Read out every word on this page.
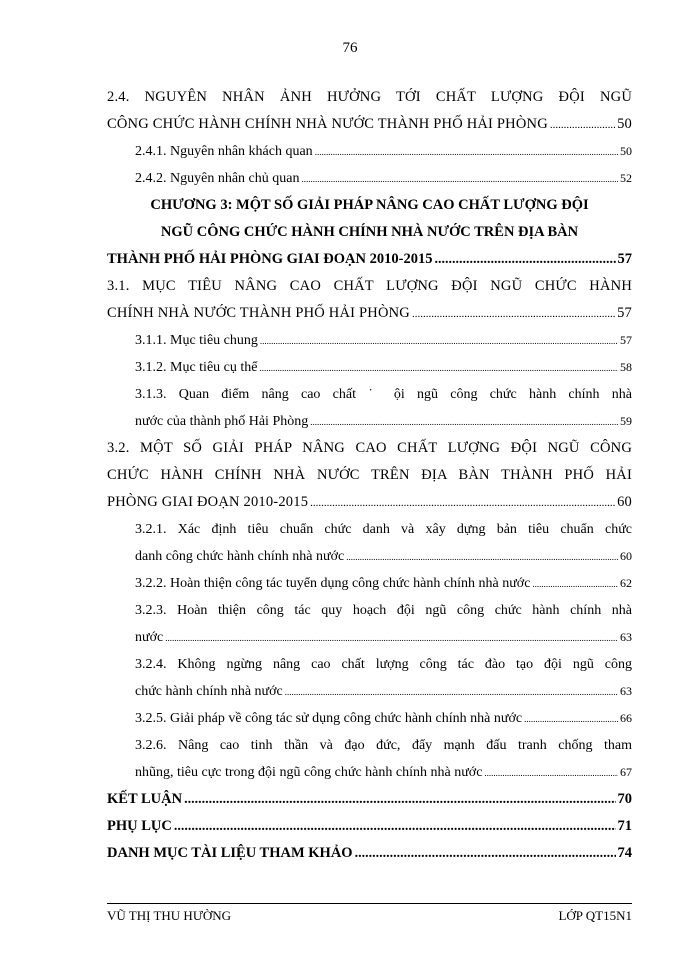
76
2.4. NGUYÊN NHÂN ẢNH HƯỞNG TỚI CHẤT LƯỢNG ĐỘI NGŨ
CÔNG CHỨC HÀNH CHÍNH NHÀ NƯỚC THÀNH PHỐ HẢI PHÒNG .....	50
2.4.1. Nguyên nhân khách quan .....	50
2.4.2. Nguyên nhân chủ quan .....	52
CHƯƠNG 3: MỘT SỐ GIẢI PHÁP NÂNG CAO CHẤT LƯỢNG ĐỘI
NGŨ CÔNG CHỨC HÀNH CHÍNH NHÀ NƯỚC TRÊN ĐỊA BÀN
THÀNH PHỐ HẢI PHÒNG GIAI ĐOẠN 2010-2015 .....	57
3.1. MỤC TIÊU NÂNG CAO CHẤT LƯỢNG ĐỘI NGŨ CHỨC HÀNH
CHÍNH NHÀ NƯỚC THÀNH PHỐ HẢI PHÒNG .....	57
3.1.1. Mục tiêu chung .....	57
3.1.2. Mục tiêu cụ thể .....	58
3.1.3. Quan điểm nâng cao chất ˙ ội ngũ công chức hành chính nhà
nước của thành phố Hải Phòng .....	59
3.2. MỘT SỐ GIẢI PHÁP NÂNG CAO CHẤT LƯỢNG ĐỘI NGŨ CÔNG
CHỨC HÀNH CHÍNH NHÀ NƯỚC TRÊN ĐỊA BÀN THÀNH PHỐ HẢI
PHÒNG GIAI ĐOẠN 2010-2015 .....	60
3.2.1. Xác định tiêu chuẩn chức danh và xây dựng bản tiêu chuẩn chức
danh công chức hành chính nhà nước .....	60
3.2.2. Hoàn thiện công tác tuyển dụng công chức hành chính nhà nước .....	62
3.2.3. Hoàn thiện công tác quy hoạch đội ngũ công chức hành chính nhà
nước .....	63
3.2.4. Không ngừng nâng cao chất lượng công tác đào tạo đội ngũ công
chức hành chính nhà nước .....	63
3.2.5. Giải pháp về công tác sử dụng công chức hành chính nhà nước .....	66
3.2.6. Nâng cao tinh thần và đạo đức, đẩy mạnh đấu tranh chống tham
nhũng, tiêu cực trong đội ngũ công chức hành chính nhà nước .....	67
KẾT LUẬN .....	70
PHỤ LỤC .....	71
DANH MỤC TÀI LIỆU THAM KHẢO .....	74
VŨ THỊ THU HƯỜNG	LỚP QT15N1
